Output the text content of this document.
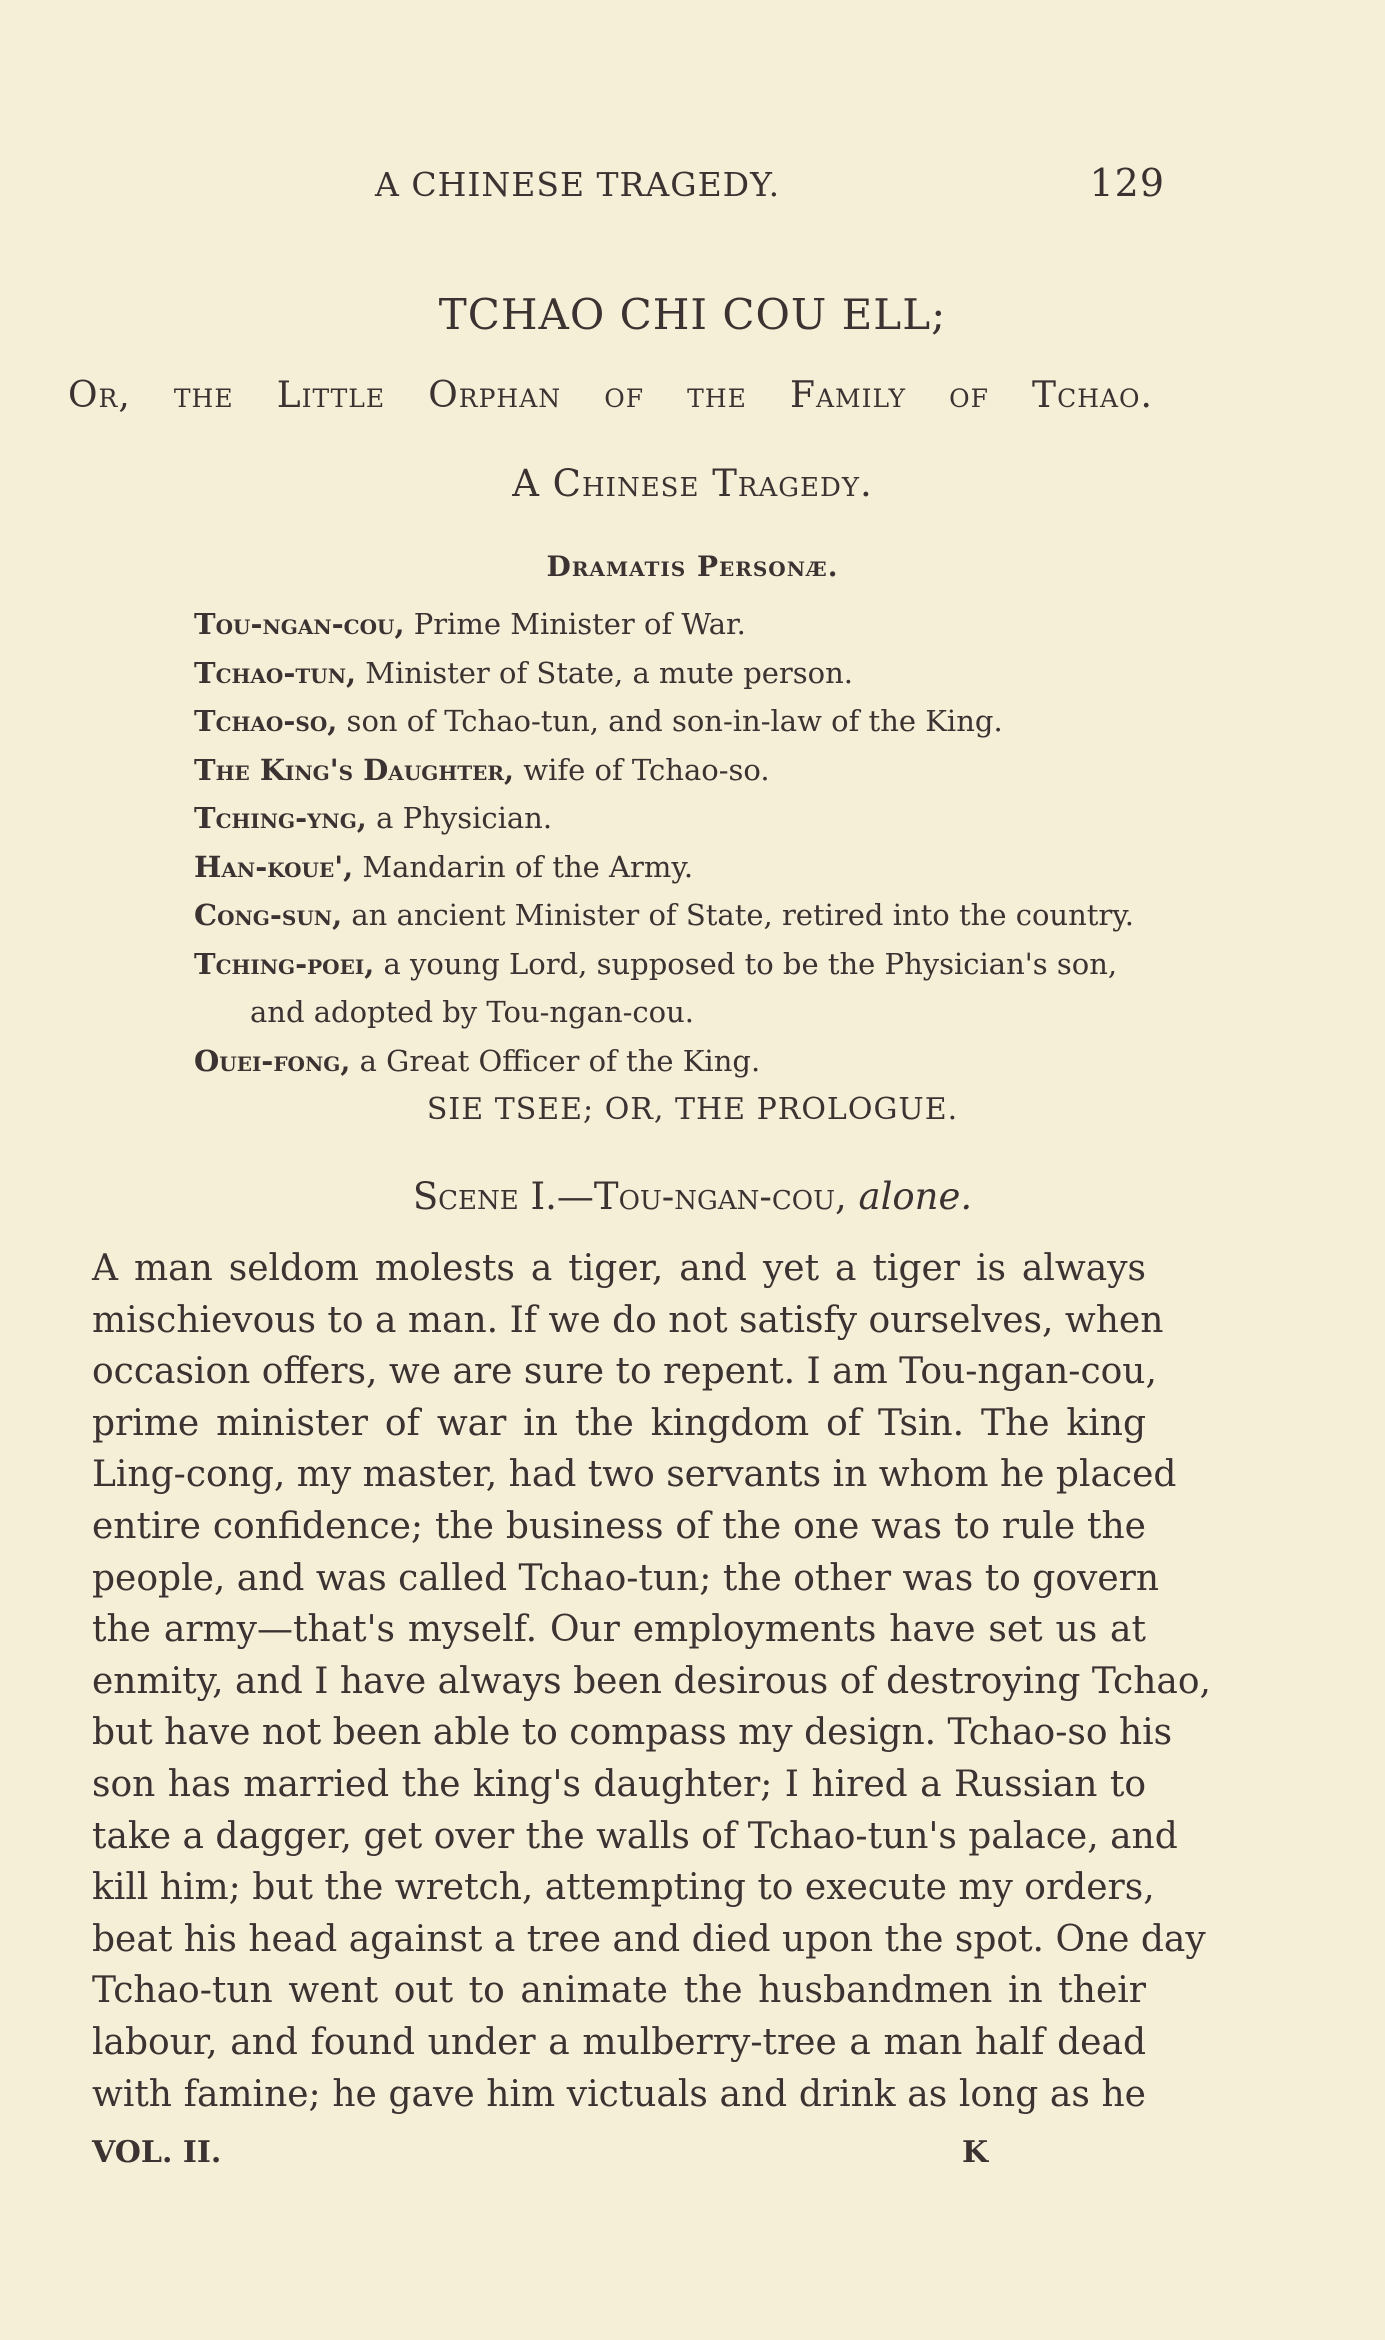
A CHINESE TRAGEDY.	129
TCHAO CHI COU ELL;
Or, the Little Orphan of the Family of Tchao.
A Chinese Tragedy.
Dramatis Personæ.
Tou-ngan-cou, Prime Minister of War.
Tchao-tun, Minister of State, a mute person.
Tchao-so, son of Tchao-tun, and son-in-law of the King.
The King's Daughter, wife of Tchao-so.
Tching-yng, a Physician.
Han-koue', Mandarin of the Army.
Cong-sun, an ancient Minister of State, retired into the country.
Tching-poei, a young Lord, supposed to be the Physician's son,
and adopted by Tou-ngan-cou.
Ouei-fong, a Great Officer of the King.
SIE TSEE; OR, THE PROLOGUE.
Scene I.—Tou-ngan-cou, alone.
A man seldom molests a tiger, and yet a tiger is always
mischievous to a man. If we do not satisfy ourselves, when
occasion offers, we are sure to repent. I am Tou-ngan-cou,
prime minister of war in the kingdom of Tsin. The king
Ling-cong, my master, had two servants in whom he placed
entire confidence; the business of the one was to rule the
people, and was called Tchao-tun; the other was to govern
the army—that's myself. Our employments have set us at
enmity, and I have always been desirous of destroying Tchao,
but have not been able to compass my design. Tchao-so his
son has married the king's daughter; I hired a Russian to
take a dagger, get over the walls of Tchao-tun's palace, and
kill him; but the wretch, attempting to execute my orders,
beat his head against a tree and died upon the spot. One day
Tchao-tun went out to animate the husbandmen in their
labour, and found under a mulberry-tree a man half dead
with famine; he gave him victuals and drink as long as he
VOL. II.	K
